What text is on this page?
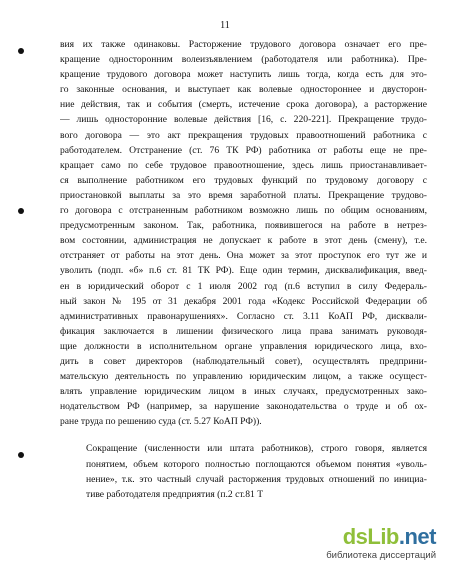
11
вия их также одинаковы. Расторжение трудового договора означает его пре-
кращение односторонним волеизъявлением (работодателя или работника). Пре-
кращение трудового договора может наступить лишь тогда, когда есть для это-
го законные основания, и выступает как волевые одностороннее и двусторон-
ние действия, так и события (смерть, истечение срока договора), а расторжение
— лишь односторонние волевые действия [16, с. 220-221]. Прекращение трудо-
вого договора — это акт прекращения трудовых правоотношений работника с
работодателем. Отстранение (ст. 76 ТК РФ) работника от работы еще не пре-
кращает само по себе трудовое правоотношение, здесь лишь приостанавливает-
ся выполнение работником его трудовых функций по трудовому договору с
приостановкой выплаты за это время заработной платы. Прекращение трудово-
го договора с отстраненным работником возможно лишь по общим основаниям,
предусмотренным законом. Так, работника, появившегося на работе в нетрез-
вом состоянии, администрация не допускает к работе в этот день (смену), т.е.
отстраняет от работы на этот день. Она может за этот проступок его тут же и
уволить (подп. «б» п.6 ст. 81 ТК РФ). Еще один термин, дисквалификация, введ-
ен в юридический оборот с 1 июля 2002 год (п.6 вступил в силу Федераль-
ный закон № 195 от 31 декабря 2001 года «Кодекс Российской Федерации об
административных правонарушениях». Согласно ст. 3.11 КоАП РФ, дисквали-
фикация заключается в лишении физического лица права занимать руководя-
щие должности в исполнительном органе управления юридического лица, вхо-
дить в совет директоров (наблюдательный совет), осуществлять предприни-
мательскую деятельность по управлению юридическим лицом, а также осущест-
влять управление юридическим лицом в иных случаях, предусмотренных зако-
нодательством РФ (например, за нарушение законодательства о труде и об ох-
ране труда по решению суда (ст. 5.27 КоАП РФ)).
Сокращение (численности или штата работников), строго говоря, является
понятием, объем которого полностью поглощаются объемом понятия «уволь-
нение», т.к. это частный случай расторжения трудовых отношений по инициа-
тиве работодателя предприятия (п.2 ст.81 Т
dsLib.net
библиотека диссертаций
